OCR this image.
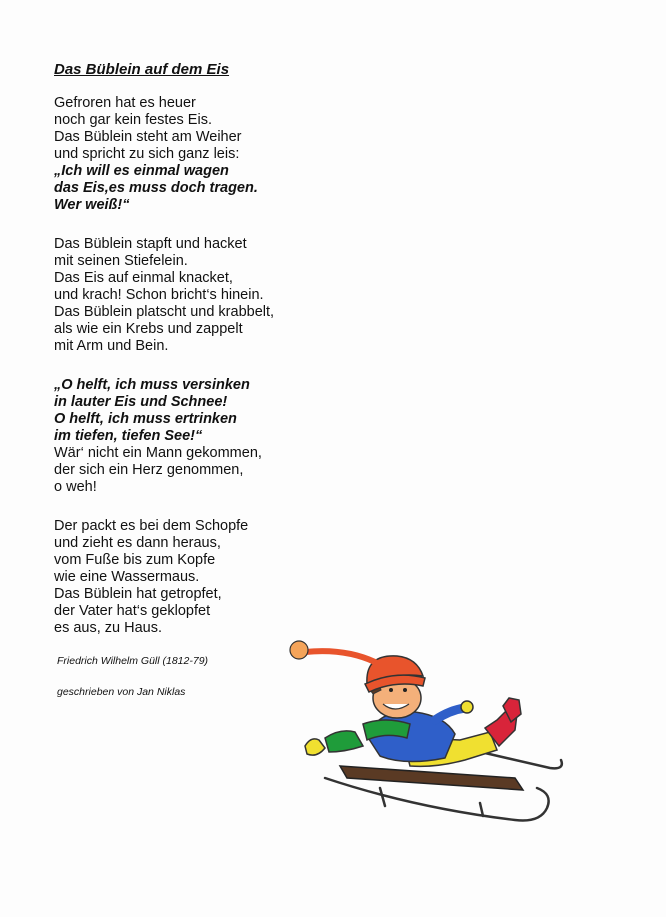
Das Büblein auf dem Eis
Gefroren hat es heuer
noch gar kein festes Eis.
Das Büblein steht am Weiher
und spricht zu sich ganz leis:
„Ich will es einmal wagen
das Eis,es muss doch tragen.
Wer weiß!“
Das Büblein stapft und hacket
mit seinen Stiefelein.
Das Eis auf einmal knacket,
und krach! Schon bricht‘s hinein.
Das Büblein platscht und krabbelt,
als wie ein Krebs und zappelt
mit Arm und Bein.
„O helft, ich muss versinken
in lauter Eis und Schnee!
O helft, ich muss ertrinken
im tiefen, tiefen See!“
Wär‘ nicht ein Mann gekommen,
der sich ein Herz genommen,
o weh!
Der packt es bei dem Schopfe
und zieht es dann heraus,
vom Fuße bis zum Kopfe
wie eine Wassermaus.
Das Büblein hat getropfet,
der Vater hat‘s geklopfet
es aus, zu Haus.
Friedrich Wilhelm Güll (1812-79)
geschrieben von Jan Niklas
